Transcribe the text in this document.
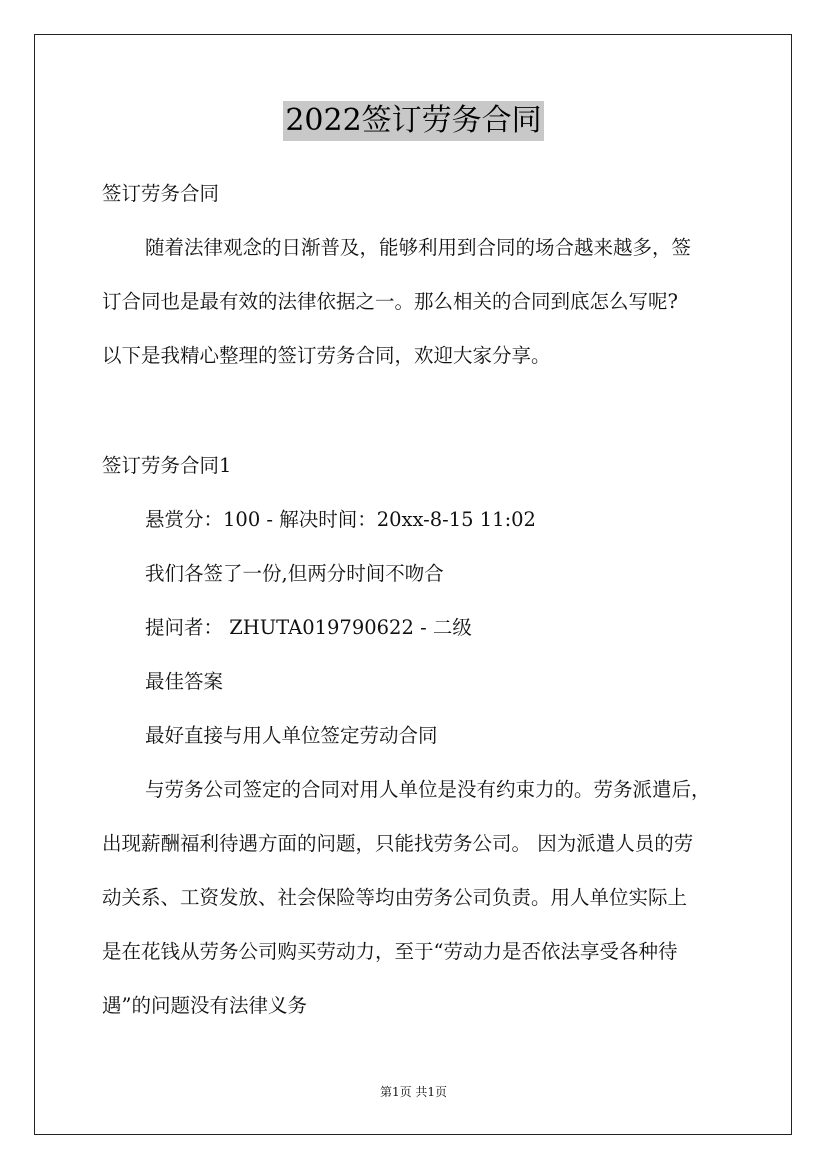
2022签订劳务合同
签订劳务合同
随着法律观念的日渐普及，能够利用到合同的场合越来越多，签
订合同也是最有效的法律依据之一。那么相关的合同到底怎么写呢?
以下是我精心整理的签订劳务合同，欢迎大家分享。
签订劳务合同1
悬赏分：100 - 解决时间：20xx-8-15 11:02
我们各签了一份,但两分时间不吻合
提问者： ZHUTA019790622 - 二级
最佳答案
最好直接与用人单位签定劳动合同
与劳务公司签定的合同对用人单位是没有约束力的。劳务派遣后，
出现薪酬福利待遇方面的问题，只能找劳务公司。 因为派遣人员的劳
动关系、工资发放、社会保险等均由劳务公司负责。用人单位实际上
是在花钱从劳务公司购买劳动力，至于“劳动力是否依法享受各种待
遇”的问题没有法律义务
第1页 共1页
